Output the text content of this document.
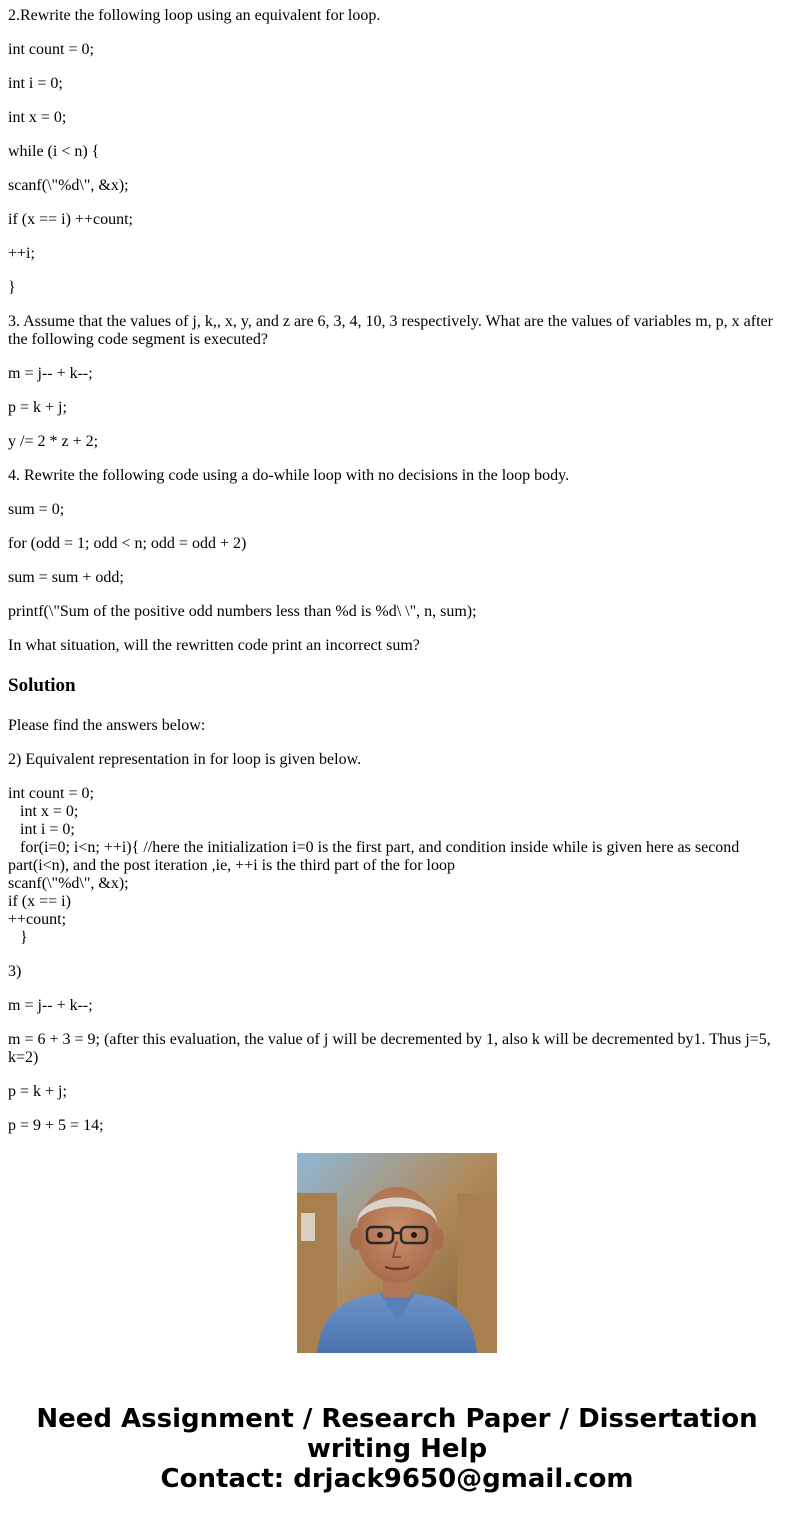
2.Rewrite the following loop using an equivalent for loop.

int count = 0;

int i = 0;

int x = 0;

while (i < n) {

scanf(\"%d\", &x);

if (x == i) ++count;

++i;

}

3. Assume that the values of j, k,, x, y, and z are 6, 3, 4, 10, 3 respectively. What are the values of variables m, p, x after the following code segment is executed?

m = j-- + k--;

p = k + j;

y /= 2 * z + 2;

4. Rewrite the following code using a do-while loop with no decisions in the loop body.

sum = 0;

for (odd = 1; odd < n; odd = odd + 2)

sum = sum + odd;

printf(\"Sum of the positive odd numbers less than %d is %d\ \", n, sum);

In what situation, will the rewritten code print an incorrect sum?

Solution

Please find the answers below:

2) Equivalent representation in for loop is given below.

int count = 0;
int x = 0;
int i = 0;
for(i=0; i<n; ++i){ //here the initialization i=0 is the first part, and condition inside while is given here as second part(i<n), and the post iteration ,ie, ++i is the third part of the for loop
scanf(\"%d\", &x);
if (x == i)
++count;
}

3)

m = j-- + k--;

m = 6 + 3 = 9; (after this evaluation, the value of j will be decremented by 1, also k will be decremented by1. Thus j=5, k=2)

p = k + j;

p = 9 + 5 = 14;

Need Assignment / Research Paper / Dissertation
writing Help
Contact: drjack9650@gmail.com
